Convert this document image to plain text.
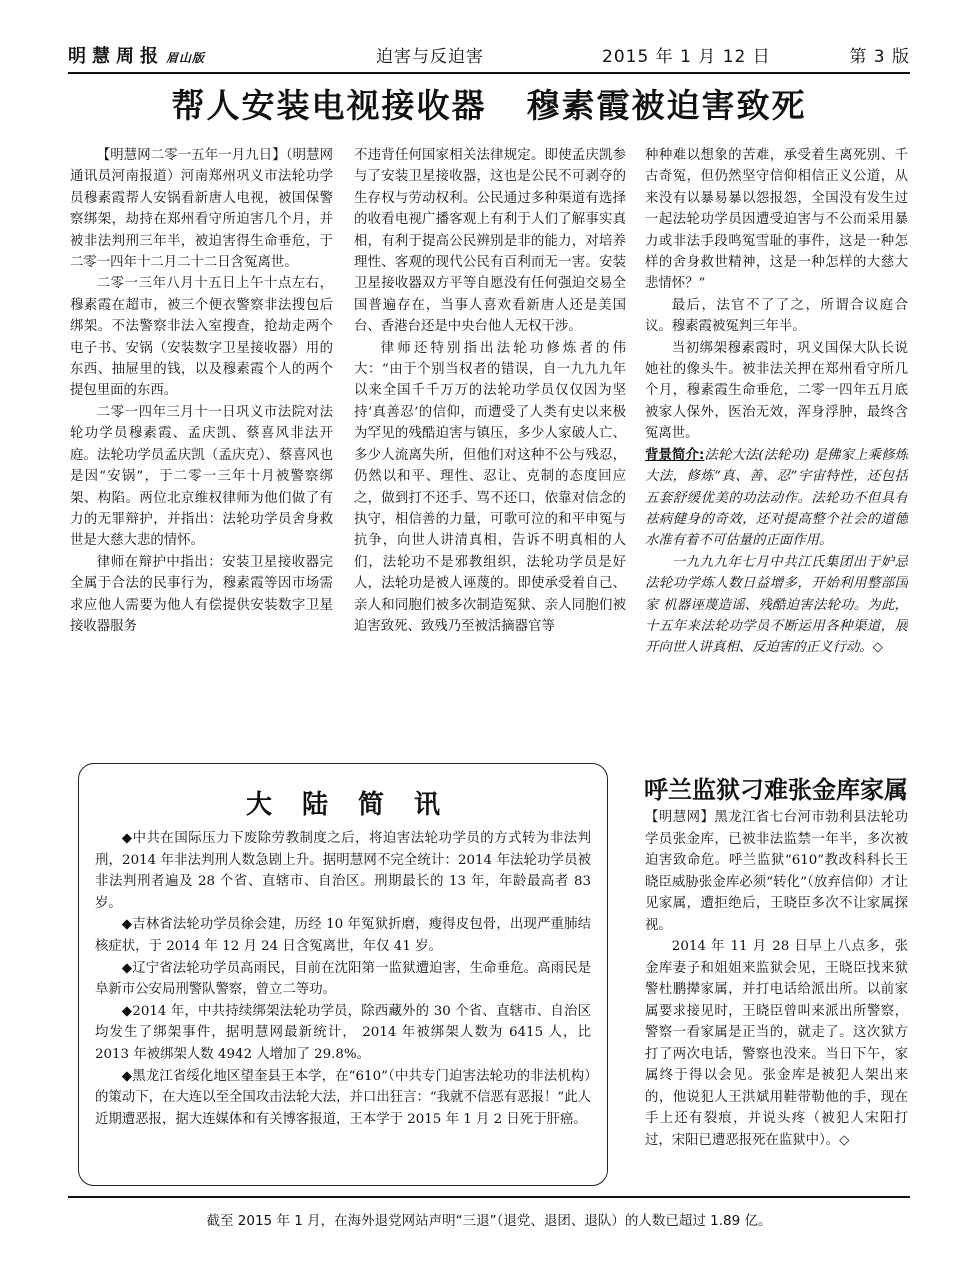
明慧周报 眉山版	迫害与反迫害	2015 年 1 月 12 日	第 3 版
帮人安装电视接收器 穆素霞被迫害致死

【明慧网二零一五年一月九日】（明慧网通讯员河南报道）河南郑州巩义市法轮功学员穆素霞帮人安锅看新唐人电视，被国保警察绑架，劫持在郑州看守所迫害几个月，并被非法判刑三年半，被迫害得生命垂危，于二零一四年十二月二十二日含冤离世。

二零一三年八月十五日上午十点左右，穆素霞在超市，被三个便衣警察非法搜包后绑架。不法警察非法入室搜查，抢劫走两个电子书、安锅（安装数字卫星接收器）用的东西、抽屉里的钱，以及穆素霞个人的两个提包里面的东西。

二零一四年三月十一日巩义市法院对法轮功学员穆素霞、孟庆凯、蔡喜风非法开庭。法轮功学员孟庆凯（孟庆克）、蔡喜风也是因“安锅”，于二零一三年十月被警察绑架、构陷。两位北京维权律师为他们做了有力的无罪辩护，并指出：法轮功学员舍身救世是大慈大悲的情怀。

律师在辩护中指出：安装卫星接收器完全属于合法的民事行为，穆素霞等因市场需求应他人需要为他人有偿提供安装数字卫星接收器服务

不违背任何国家相关法律规定。即使孟庆凯参与了安装卫星接收器，这也是公民不可剥夺的生存权与劳动权利。公民通过多种渠道有选择的收看电视广播客观上有利于人们了解事实真相，有利于提高公民辨别是非的能力，对培养理性、客观的现代公民有百利而无一害。安装卫星接收器双方平等自愿没有任何强迫交易全国普遍存在，当事人喜欢看新唐人还是美国台、香港台还是中央台他人无权干涉。

律师还特别指出法轮功修炼者的伟大：“由于个别当权者的错误，自一九九九年以来全国千千万万的法轮功学员仅仅因为坚持‘真善忍’的信仰，而遭受了人类有史以来极为罕见的残酷迫害与镇压，多少人家破人亡、多少人流离失所，但他们对这种不公与残忍，仍然以和平、理性、忍让、克制的态度回应之，做到打不还手、骂不还口，依靠对信念的执守，相信善的力量，可歌可泣的和平申冤与抗争，向世人讲清真相，告诉不明真相的人们，法轮功不是邪教组织，法轮功学员是好人，法轮功是被人诬蔑的。即使承受着自己、亲人和同胞们被多次制造冤狱、亲人同胞们被迫害致死、致残乃至被活摘器官等

种种难以想象的苦难，承受着生离死别、千古奇冤，但仍然坚守信仰相信正义公道，从来没有以暴易暴以怨报怨，全国没有发生过一起法轮功学员因遭受迫害与不公而采用暴力或非法手段鸣冤雪耻的事件，这是一种怎样的舍身救世精神，这是一种怎样的大慈大悲情怀？”

最后，法官不了了之，所谓合议庭合议。穆素霞被冤判三年半。

当初绑架穆素霞时，巩义国保大队长说她社的像头牛。被非法关押在郑州看守所几个月，穆素霞生命垂危，二零一四年五月底被家人保外，医治无效，浑身浮肿，最终含冤离世。

背景简介:法轮大法(法轮功) 是佛家上乘修炼大法，修炼“真、善、忍”宇宙特性，还包括五套舒缓优美的功法动作。法轮功不但具有祛病健身的奇效，还对提高整个社会的道德水准有着不可估量的正面作用。

一九九九年七月中共江氏集团出于妒忌法轮功学炼人数日益增多，开始利用整部国家 机器诬蔑造谣、残酷迫害法轮功。为此，十五年来法轮功学员不断运用各种渠道，展开向世人讲真相、反迫害的正义行动。◇

大陆简讯

◆中共在国际压力下废除劳教制度之后，将迫害法轮功学员的方式转为非法判刑，2014 年非法判刑人数急剧上升。据明慧网不完全统计：2014 年法轮功学员被非法判刑者遍及 28 个省、直辖市、自治区。刑期最长的 13 年，年龄最高者 83 岁。

◆吉林省法轮功学员徐会建，历经 10 年冤狱折磨，瘦得皮包骨，出现严重肺结核症状，于 2014 年 12 月 24 日含冤离世，年仅 41 岁。

◆辽宁省法轮功学员高雨民，目前在沈阳第一监狱遭迫害，生命垂危。高雨民是阜新市公安局刑警队警察，曾立二等功。

◆2014 年，中共持续绑架法轮功学员，除西藏外的 30 个省、直辖市、自治区均发生了绑架事件，据明慧网最新统计， 2014 年被绑架人数为 6415 人，比 2013 年被绑架人数 4942 人增加了 29.8%。

◆黑龙江省绥化地区望奎县王本学，在“610”（中共专门迫害法轮功的非法机构）的策动下，在大连以至全国攻击法轮大法，并口出狂言：“我就不信恶有恶报！”此人近期遭恶报，据大连媒体和有关博客报道，王本学于 2015 年 1 月 2 日死于肝癌。

呼兰监狱刁难张金库家属

【明慧网】黑龙江省七台河市勃利县法轮功学员张金库，已被非法监禁一年半，多次被迫害致命危。呼兰监狱“610”教改科科长王晓臣威胁张金库必须“转化”（放弃信仰）才让见家属，遭拒绝后，王晓臣多次不让家属探视。

2014 年 11 月 28 日早上八点多，张金库妻子和姐姐来监狱会见，王晓臣找来狱警杜鹏撵家属，并打电话给派出所。以前家属要求接见时，王晓臣曾叫来派出所警察，警察一看家属是正当的，就走了。这次狱方打了两次电话，警察也没来。当日下午，家属终于得以会见。张金库是被犯人架出来的，他说犯人王洪斌用鞋带勒他的手，现在手上还有裂痕，并说头疼（被犯人宋阳打过，宋阳已遭恶报死在监狱中）。◇

截至 2015 年 1 月，在海外退党网站声明“三退”（退党、退团、退队）的人数已超过 1.89 亿。
